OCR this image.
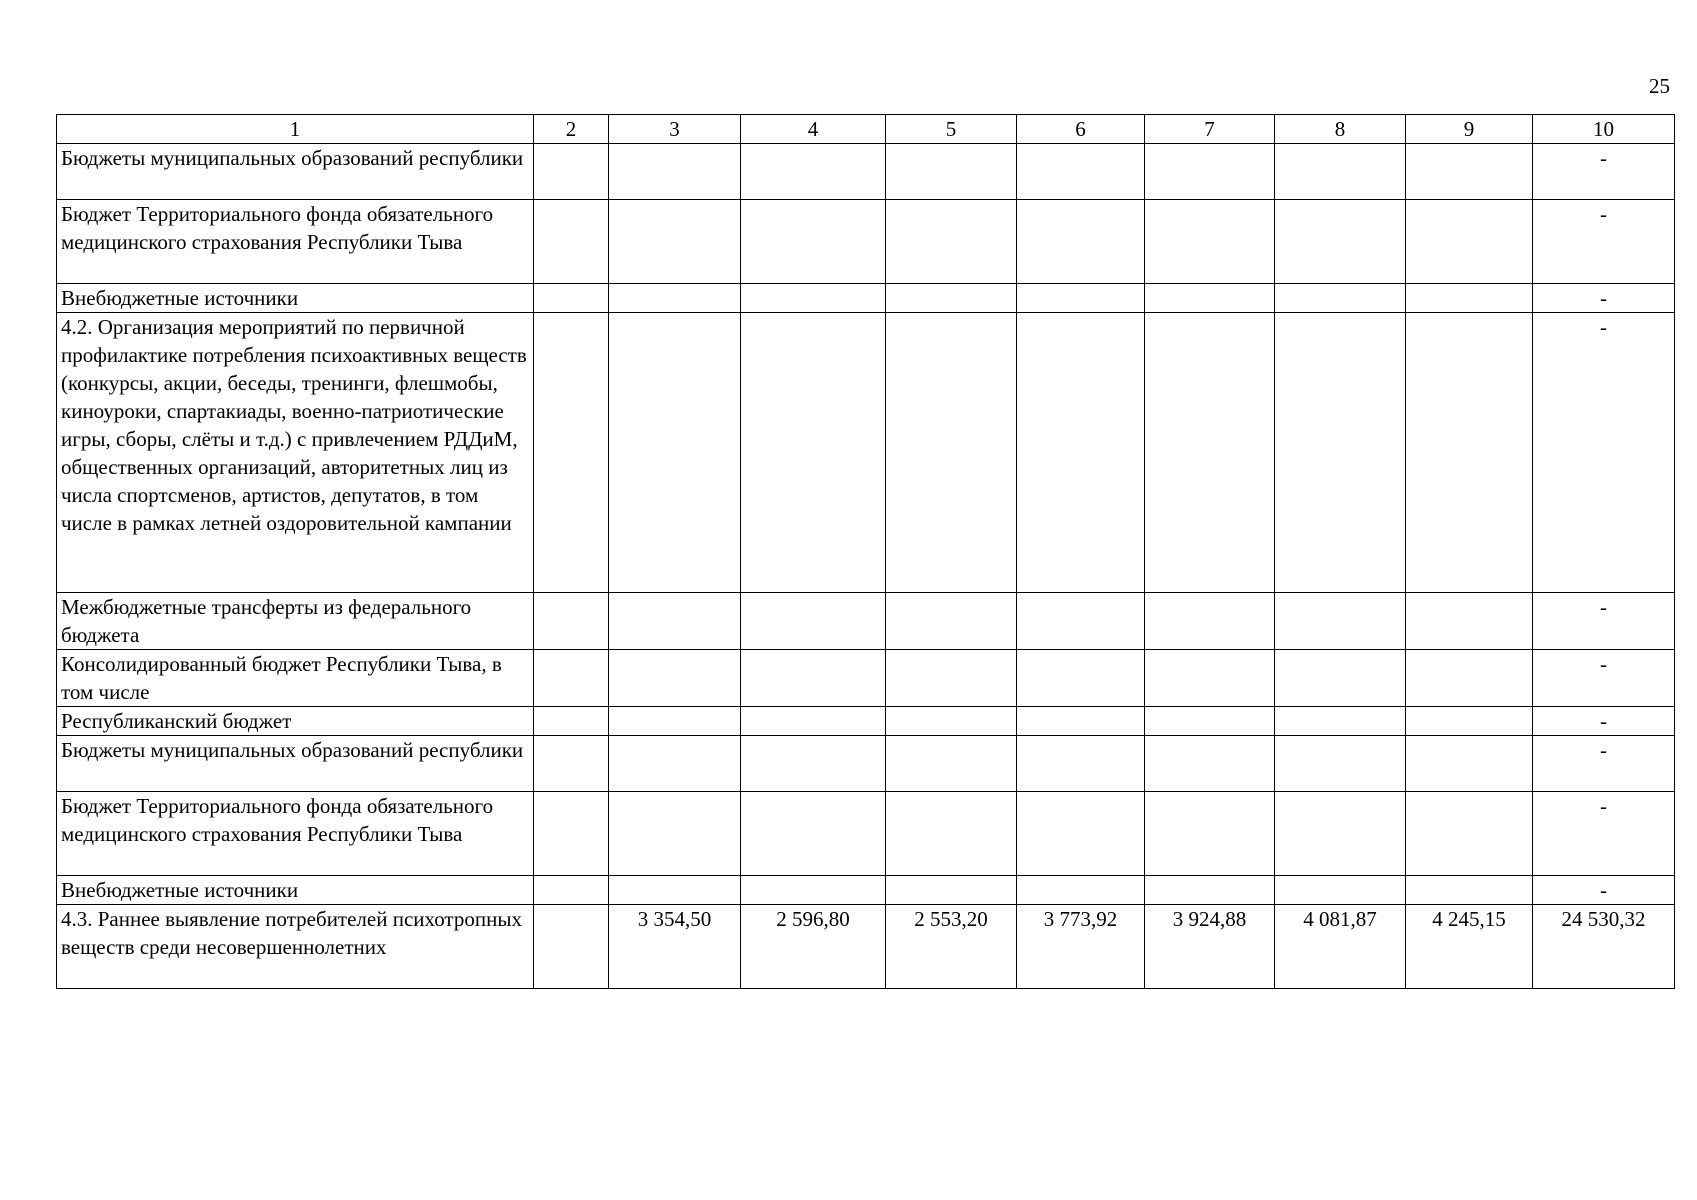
25
1	2	3	4	5	6	7	8	9	10
Бюджеты муниципальных образований республики									-
Бюджет Территориального фонда обязательного медицинского страхования Республики Тыва									-
Внебюджетные источники									-
4.2. Организация мероприятий по первичной профилактике потребления психоактивных веществ (конкурсы, акции, беседы, тренинги, флешмобы, киноуроки, спартакиады, военно-патриотические игры, сборы, слёты и т.д.) с привлечением РДДиМ, общественных организаций, авторитетных лиц из числа спортсменов, артистов, депутатов, в том числе в рамках летней оздоровительной кампании									-
Межбюджетные трансферты из федерального бюджета									-
Консолидированный бюджет Республики Тыва, в том числе									-
Республиканский бюджет									-
Бюджеты муниципальных образований республики									-
Бюджет Территориального фонда обязательного медицинского страхования Республики Тыва									-
Внебюджетные источники									-
4.3. Раннее выявление потребителей психотропных веществ среди несовершеннолетних		3 354,50	2 596,80	2 553,20	3 773,92	3 924,88	4 081,87	4 245,15	24 530,32
